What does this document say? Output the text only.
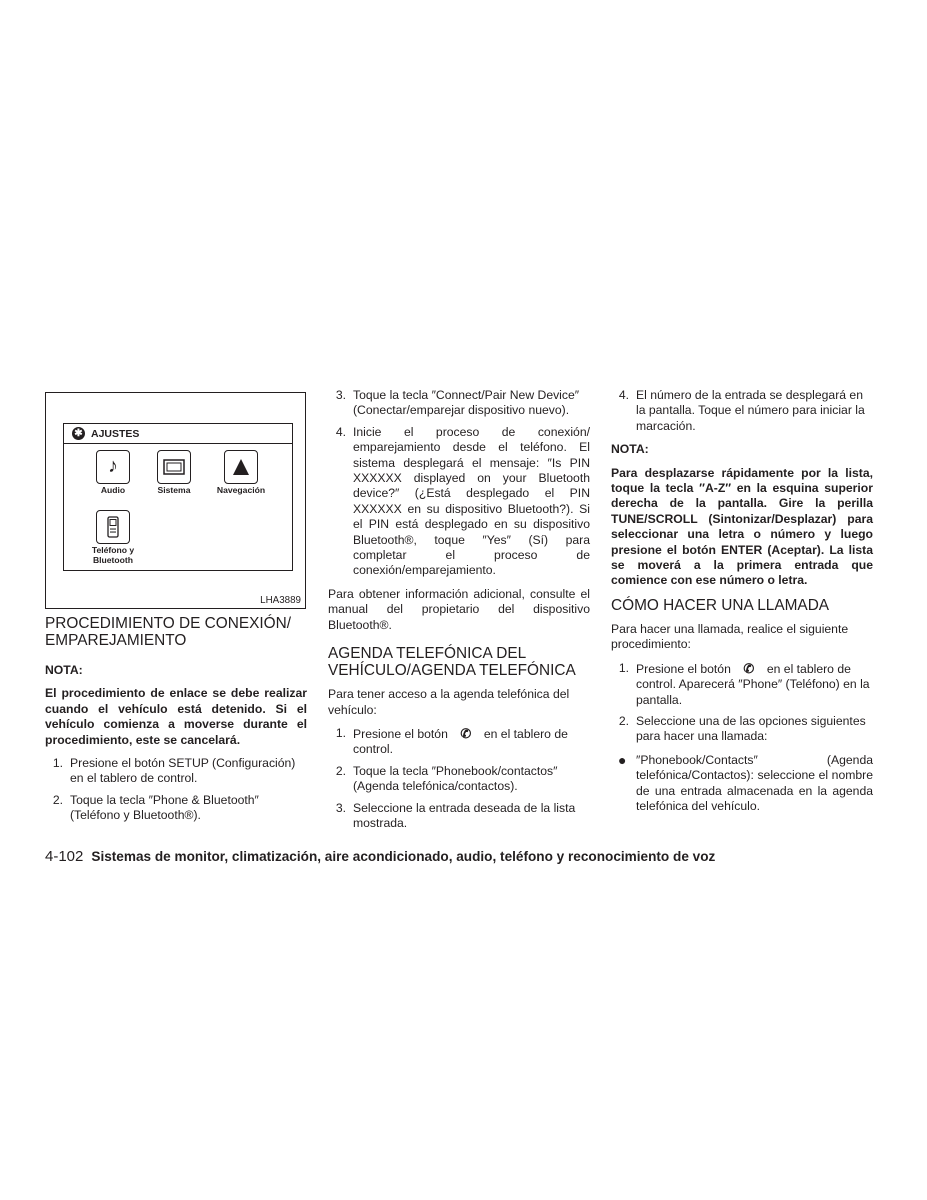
✱ AJUSTES
♪
Audio	Sistema	Navegación
Teléfono y Bluetooth
LHA3889
PROCEDIMIENTO DE CONEXIÓN/ EMPAREJAMIENTO

NOTA:

El procedimiento de enlace se debe realizar cuando el vehículo está detenido. Si el vehículo comienza a moverse durante el procedimiento, este se cancelará.

1. Presione el botón SETUP (Configuración) en el tablero de control.
2. Toque la tecla ″Phone & Bluetooth″ (Teléfono y Bluetooth®).
3. Toque la tecla ″Connect/Pair New Device″ (Conectar/emparejar dispositivo nuevo).
4. Inicie el proceso de conexión/ emparejamiento desde el teléfono. El sistema desplegará el mensaje: ″Is PIN XXXXXX displayed on your Bluetooth device?″ (¿Está desplegado el PIN XXXXXX en su dispositivo Bluetooth?). Si el PIN está desplegado en su dispositivo Bluetooth®, toque ″Yes″ (Sí) para completar el proceso de conexión/emparejamiento.

Para obtener información adicional, consulte el manual del propietario del dispositivo Bluetooth®.

AGENDA TELEFÓNICA DEL VEHÍCULO/AGENDA TELEFÓNICA

Para tener acceso a la agenda telefónica del vehículo:

1. Presione el botón ✆ en el tablero de control.
2. Toque la tecla ″Phonebook/contactos″ (Agenda telefónica/contactos).
3. Seleccione la entrada deseada de la lista mostrada.
4. El número de la entrada se desplegará en la pantalla. Toque el número para iniciar la marcación.

NOTA:

Para desplazarse rápidamente por la lista, toque la tecla ″A-Z″ en la esquina superior derecha de la pantalla. Gire la perilla TUNE/SCROLL (Sintonizar/Desplazar) para seleccionar una letra o número y luego presione el botón ENTER (Aceptar). La lista se moverá a la primera entrada que comience con ese número o letra.

CÓMO HACER UNA LLAMADA

Para hacer una llamada, realice el siguiente procedimiento:

1. Presione el botón ✆ en el tablero de control. Aparecerá ″Phone″ (Teléfono) en la pantalla.
2. Seleccione una de las opciones siguientes para hacer una llamada:
● ″Phonebook/Contacts″ (Agenda telefónica/Contactos): seleccione el nombre de una entrada almacenada en la agenda telefónica del vehículo.
4-102 Sistemas de monitor, climatización, aire acondicionado, audio, teléfono y reconocimiento de voz
